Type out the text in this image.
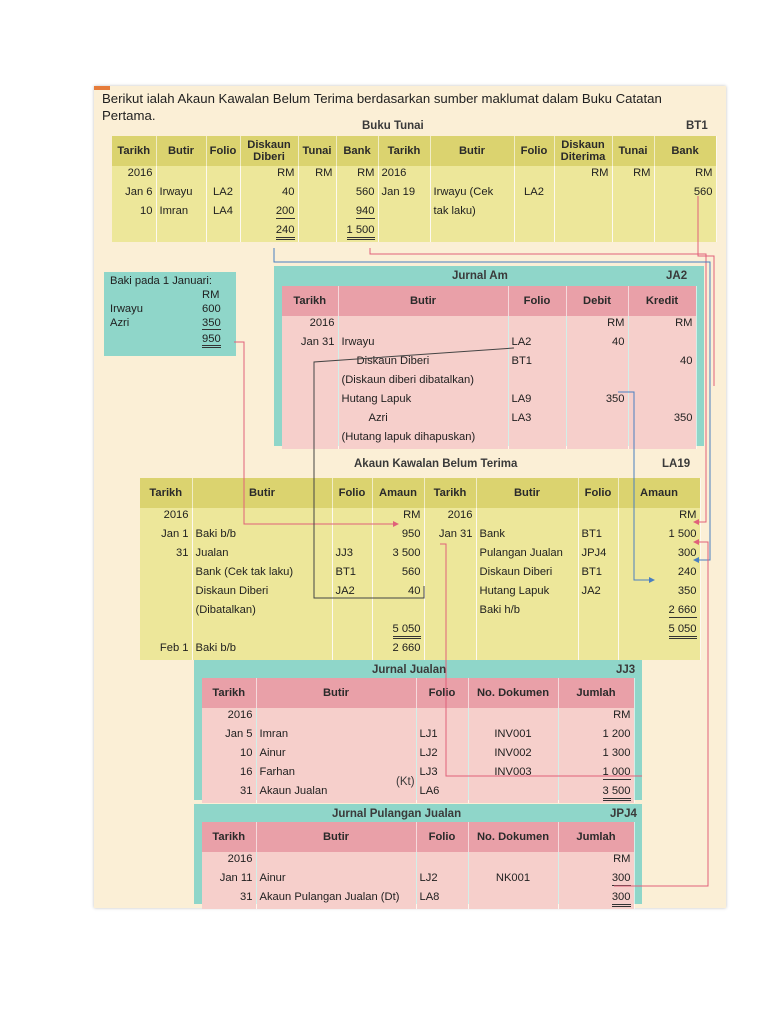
Berikut ialah Akaun Kawalan Belum Terima berdasarkan sumber maklumat dalam Buku Catatan Pertama.
Buku Tunai	BT1
Tarikh	Butir	Folio	Diskaun Diberi	Tunai	Bank	Tarikh	Butir	Folio	Diskaun Diterima	Tunai	Bank
2016			RM	RM	RM	2016			RM	RM	RM
Jan 6	Irwayu	LA2	40		560	Jan 19	Irwayu (Cek	LA2			560
10	Imran	LA4	200		940		tak laku)				
			240		1 500						
Baki pada 1 Januari:
RM
Irwayu	600
Azri	350
950
Jurnal Am	JA2
Tarikh	Butir	Folio	Debit	Kredit
2016			RM	RM
Jan 31	Irwayu	LA2	40	
	Diskaun Diberi	BT1		40
	(Diskaun diberi dibatalkan)			
	Hutang Lapuk	LA9	350	
	Azri	LA3		350
	(Hutang lapuk dihapuskan)			
Akaun Kawalan Belum Terima	LA19
Tarikh	Butir	Folio	Amaun	Tarikh	Butir	Folio	Amaun
2016			RM	2016			RM
Jan 1	Baki b/b		950	Jan 31	Bank	BT1	1 500
31	Jualan	JJ3	3 500		Pulangan Jualan	JPJ4	300
	Bank (Cek tak laku)	BT1	560		Diskaun Diberi	BT1	240
	Diskaun Diberi	JA2	40		Hutang Lapuk	JA2	350
	(Dibatalkan)				Baki h/b		2 660
			5 050				5 050
Feb 1	Baki b/b		2 660				
Jurnal Jualan	JJ3
Tarikh	Butir	Folio	No. Dokumen	Jumlah
2016				RM
Jan 5	Imran	LJ1	INV001	1 200
10	Ainur	LJ2	INV002	1 300
16	Farhan	LJ3	INV003	1 000
31	Akaun Jualan	LA6		3 500
(Kt)
Jurnal Pulangan Jualan	JPJ4
Tarikh	Butir	Folio	No. Dokumen	Jumlah
2016				RM
Jan 11	Ainur	LJ2	NK001	300
31	Akaun Pulangan Jualan (Dt)	LA8		300
